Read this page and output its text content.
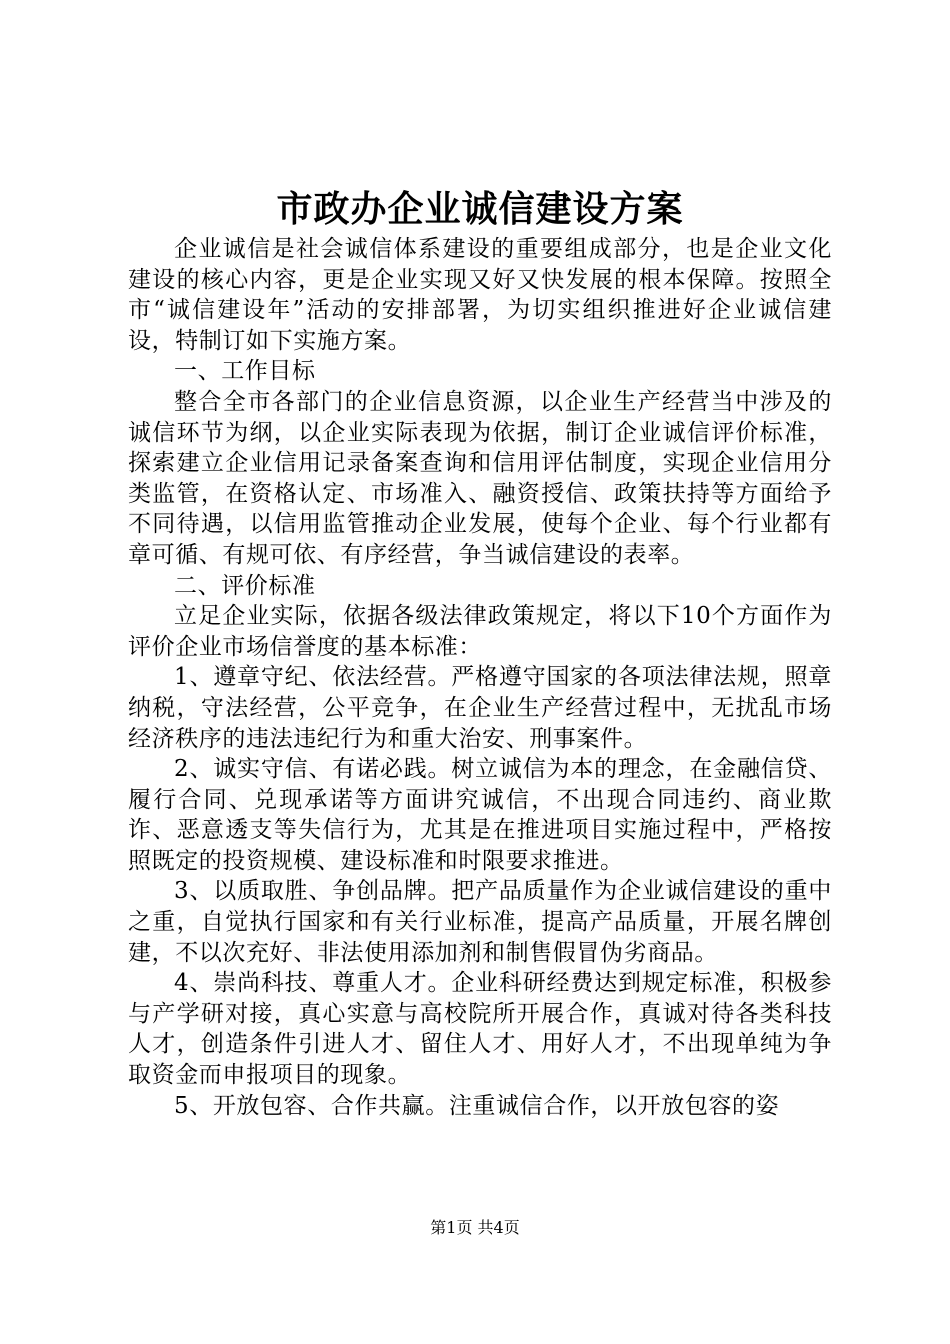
市政办企业诚信建设方案

企业诚信是社会诚信体系建设的重要组成部分，也是企业文化建设的核心内容，更是企业实现又好又快发展的根本保障。按照全市“诚信建设年”活动的安排部署，为切实组织推进好企业诚信建设，特制订如下实施方案。

一、工作目标

整合全市各部门的企业信息资源，以企业生产经营当中涉及的诚信环节为纲，以企业实际表现为依据，制订企业诚信评价标准，探索建立企业信用记录备案查询和信用评估制度，实现企业信用分类监管，在资格认定、市场准入、融资授信、政策扶持等方面给予不同待遇，以信用监管推动企业发展，使每个企业、每个行业都有章可循、有规可依、有序经营，争当诚信建设的表率。

二、评价标准

立足企业实际，依据各级法律政策规定，将以下10个方面作为评价企业市场信誉度的基本标准：

1、遵章守纪、依法经营。严格遵守国家的各项法律法规，照章纳税，守法经营，公平竞争，在企业生产经营过程中，无扰乱市场经济秩序的违法违纪行为和重大治安、刑事案件。

2、诚实守信、有诺必践。树立诚信为本的理念，在金融信贷、履行合同、兑现承诺等方面讲究诚信，不出现合同违约、商业欺诈、恶意透支等失信行为，尤其是在推进项目实施过程中，严格按照既定的投资规模、建设标准和时限要求推进。

3、以质取胜、争创品牌。把产品质量作为企业诚信建设的重中之重，自觉执行国家和有关行业标准，提高产品质量，开展名牌创建，不以次充好、非法使用添加剂和制售假冒伪劣商品。

4、崇尚科技、尊重人才。企业科研经费达到规定标准，积极参与产学研对接，真心实意与高校院所开展合作，真诚对待各类科技人才，创造条件引进人才、留住人才、用好人才，不出现单纯为争取资金而申报项目的现象。

5、开放包容、合作共赢。注重诚信合作，以开放包容的姿

第1页 共4页
